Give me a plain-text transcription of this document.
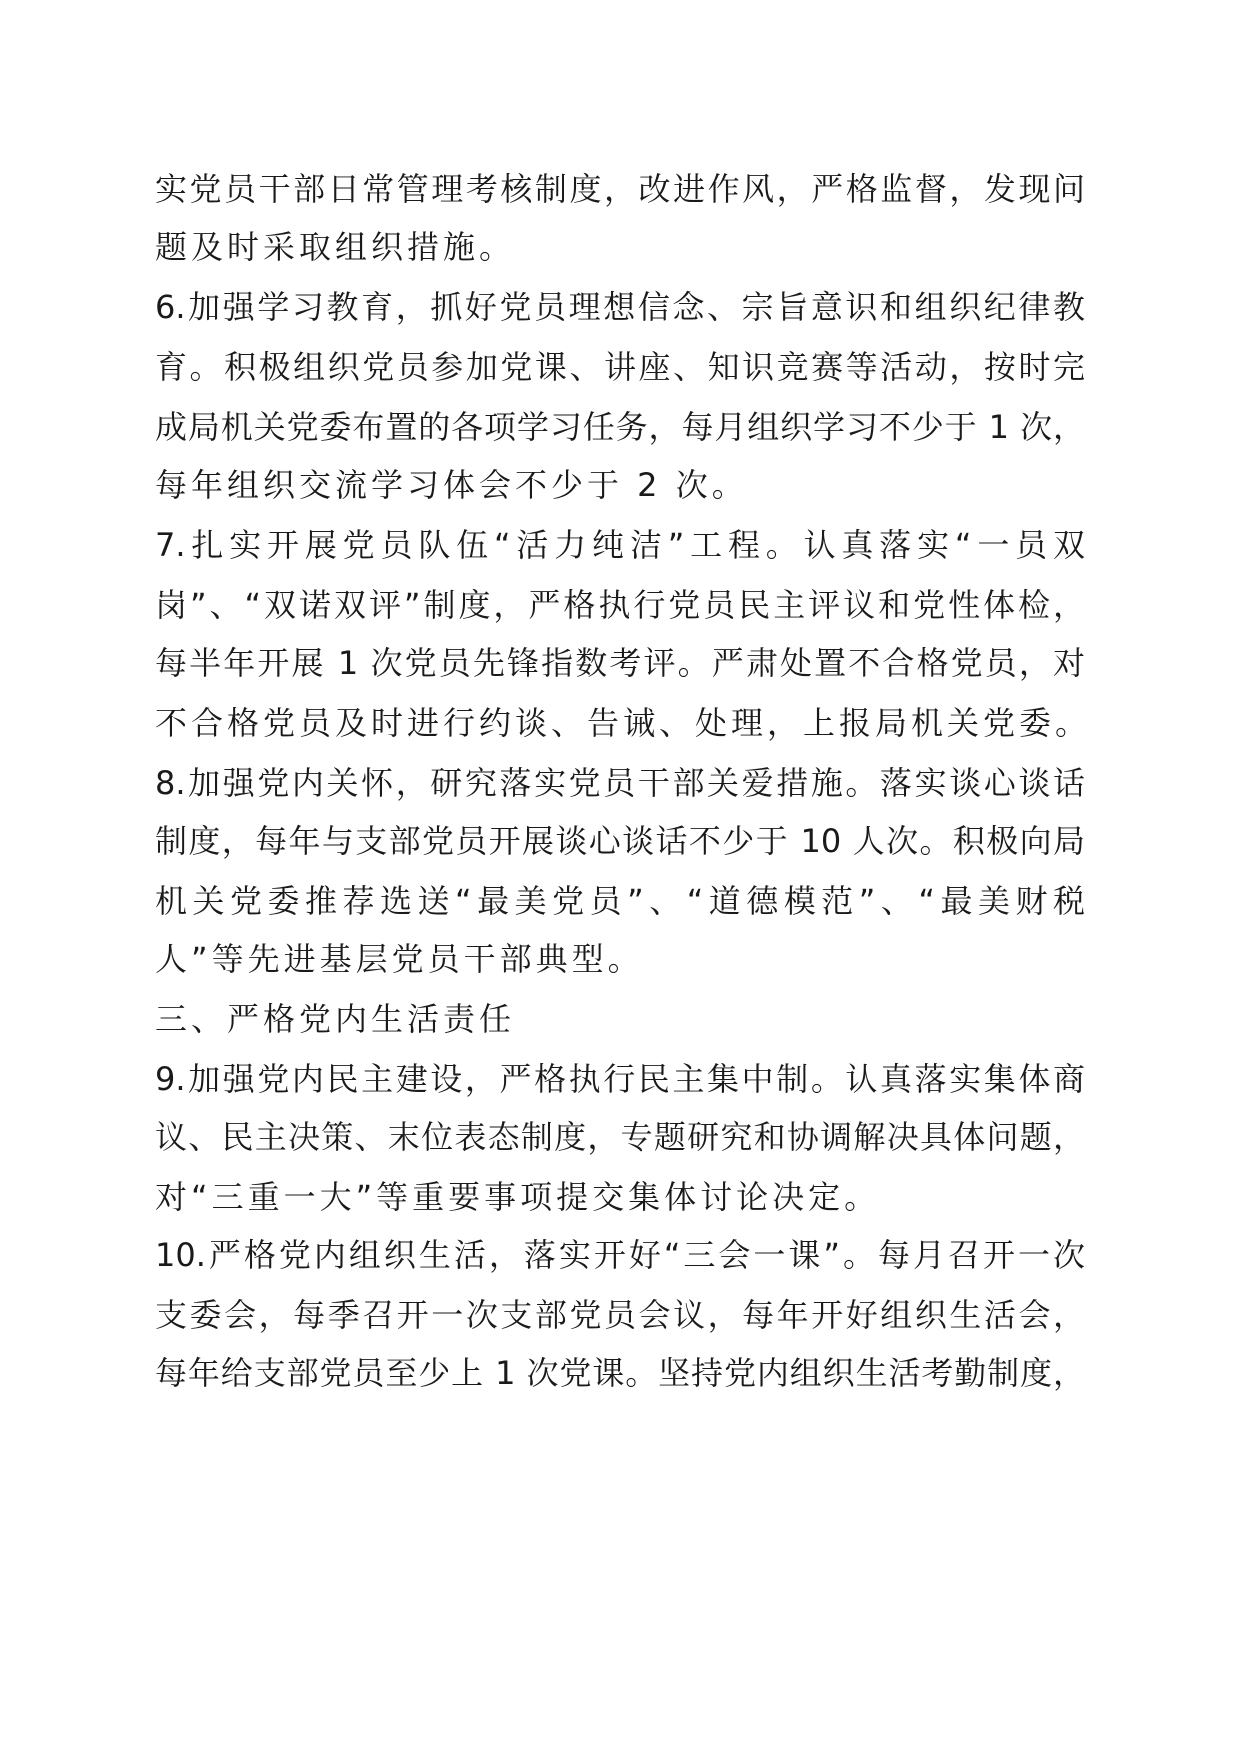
实党员干部日常管理考核制度，改进作风，严格监督，发现问
题及时采取组织措施。
6.加强学习教育，抓好党员理想信念、宗旨意识和组织纪律教
育。积极组织党员参加党课、讲座、知识竞赛等活动，按时完
成局机关党委布置的各项学习任务，每月组织学习不少于 1 次，
每年组织交流学习体会不少于 2 次。
7.扎实开展党员队伍“活力纯洁”工程。认真落实“一员双
岗”、“双诺双评”制度，严格执行党员民主评议和党性体检，
每半年开展 1 次党员先锋指数考评。严肃处置不合格党员，对
不合格党员及时进行约谈、告诫、处理，上报局机关党委。
8.加强党内关怀，研究落实党员干部关爱措施。落实谈心谈话
制度，每年与支部党员开展谈心谈话不少于 10 人次。积极向局
机关党委推荐选送“最美党员”、“道德模范”、“最美财税
人”等先进基层党员干部典型。
三、严格党内生活责任
9.加强党内民主建设，严格执行民主集中制。认真落实集体商
议、民主决策、末位表态制度，专题研究和协调解决具体问题，
对“三重一大”等重要事项提交集体讨论决定。
10.严格党内组织生活，落实开好“三会一课”。每月召开一次
支委会，每季召开一次支部党员会议，每年开好组织生活会，
每年给支部党员至少上 1 次党课。坚持党内组织生活考勤制度，
